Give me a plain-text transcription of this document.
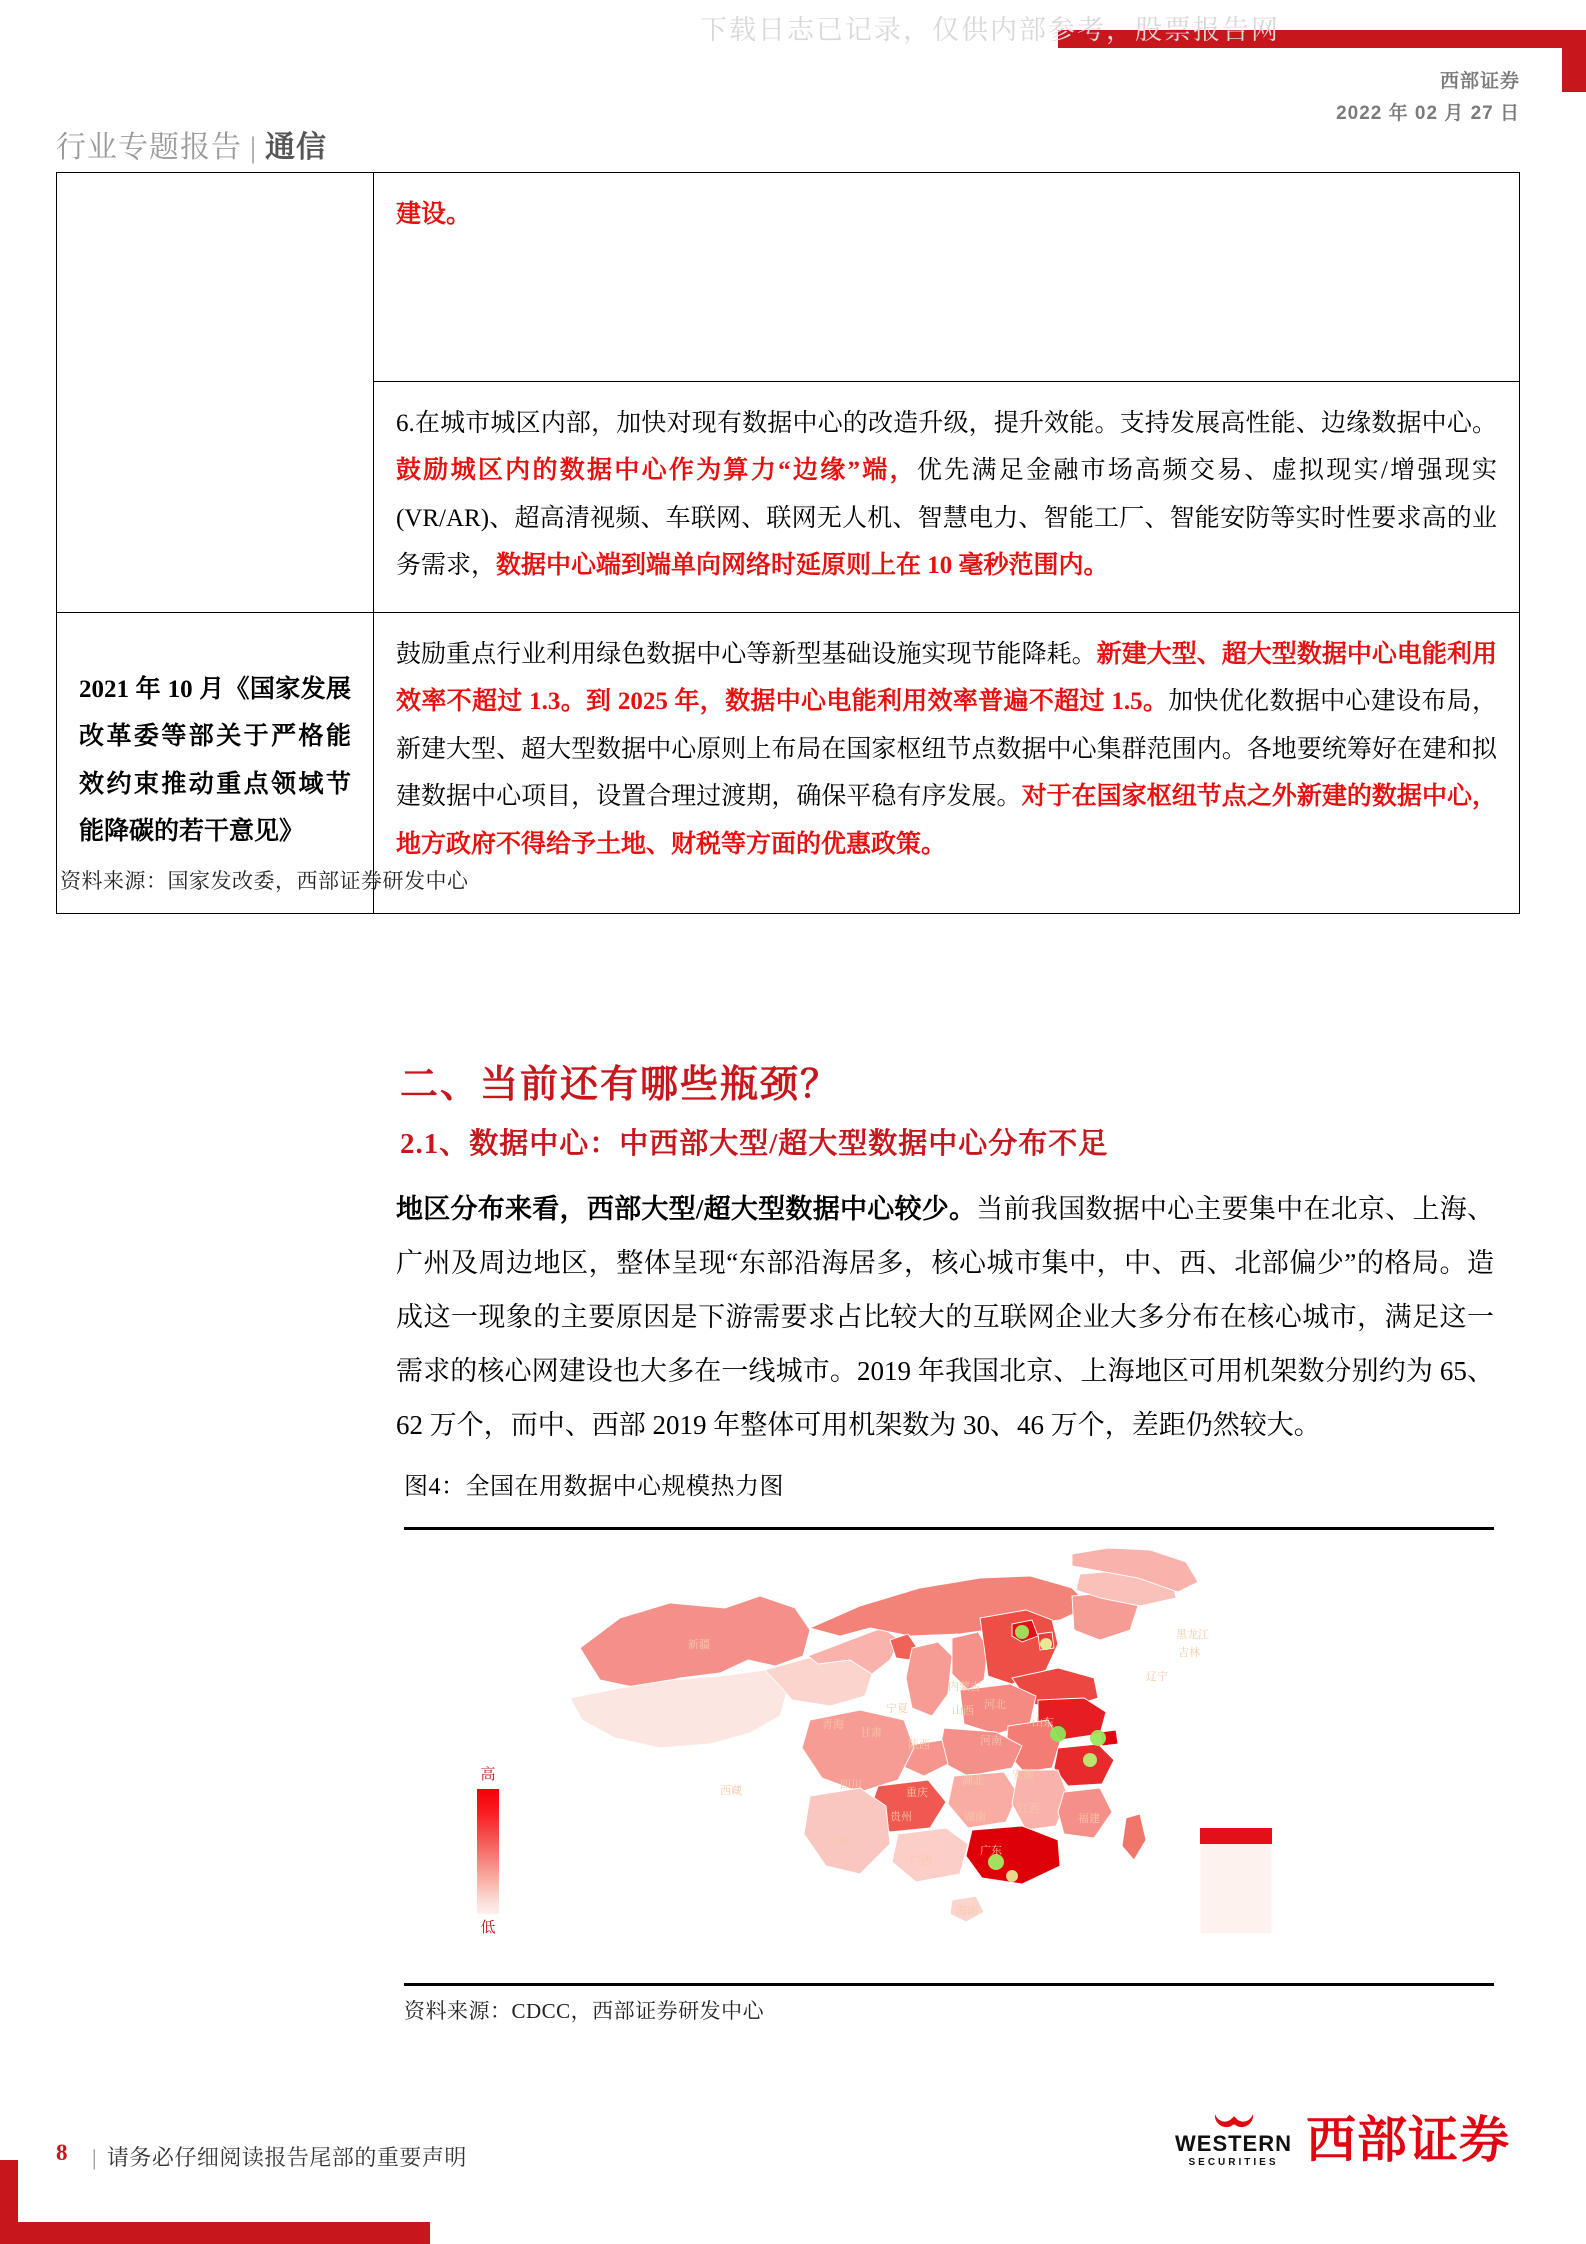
下载日志已记录，仅供内部参考，股票报告网
行业专题报告 | 通信
西部证券
2022 年 02 月 27 日

	建设。

	6.在城市城区内部，加快对现有数据中心的改造升级，提升效能。支持发展高性能、边缘数据中心。鼓励城区内的数据中心作为算力“边缘”端，优先满足金融市场高频交易、虚拟现实/增强现实(VR/AR)、超高清视频、车联网、联网无人机、智慧电力、智能工厂、智能安防等实时性要求高的业务需求，数据中心端到端单向网络时延原则上在 10 毫秒范围内。

2021 年 10 月《国家发展改革委等部关于严格能效约束推动重点领域节能降碳的若干意见》	鼓励重点行业利用绿色数据中心等新型基础设施实现节能降耗。新建大型、超大型数据中心电能利用效率不超过 1.3。到 2025 年，数据中心电能利用效率普遍不超过 1.5。加快优化数据中心建设布局，新建大型、超大型数据中心原则上布局在国家枢纽节点数据中心集群范围内。各地要统筹好在建和拟建数据中心项目，设置合理过渡期，确保平稳有序发展。对于在国家枢纽节点之外新建的数据中心，地方政府不得给予土地、财税等方面的优惠政策。
资料来源：国家发改委，西部证券研发中心
二、当前还有哪些瓶颈？
2.1、数据中心：中西部大型/超大型数据中心分布不足
地区分布来看，西部大型/超大型数据中心较少。当前我国数据中心主要集中在北京、上海、广州及周边地区，整体呈现“东部沿海居多，核心城市集中，中、西、北部偏少”的格局。造成这一现象的主要原因是下游需要求占比较大的互联网企业大多分布在核心城市，满足这一需求的核心网建设也大多在一线城市。2019 年我国北京、上海地区可用机架数分别约为 65、62 万个，而中、西部 2019 年整体可用机架数为 30、46 万个，差距仍然较大。
图4：全国在用数据中心规模热力图
高
低
新疆
黑龙江
吉林
辽宁
内蒙古
甘肃
青海
西藏
宁夏
陕西
山西 河北
山东
河南
安徽
湖北
湖南
江西
四川
重庆
贵州
云南
广西
广东
福建
海南
资料来源：CDCC，西部证券研发中心
8 | 请务必仔细阅读报告尾部的重要声明
WESTERN
SECURITIES 西部证券
